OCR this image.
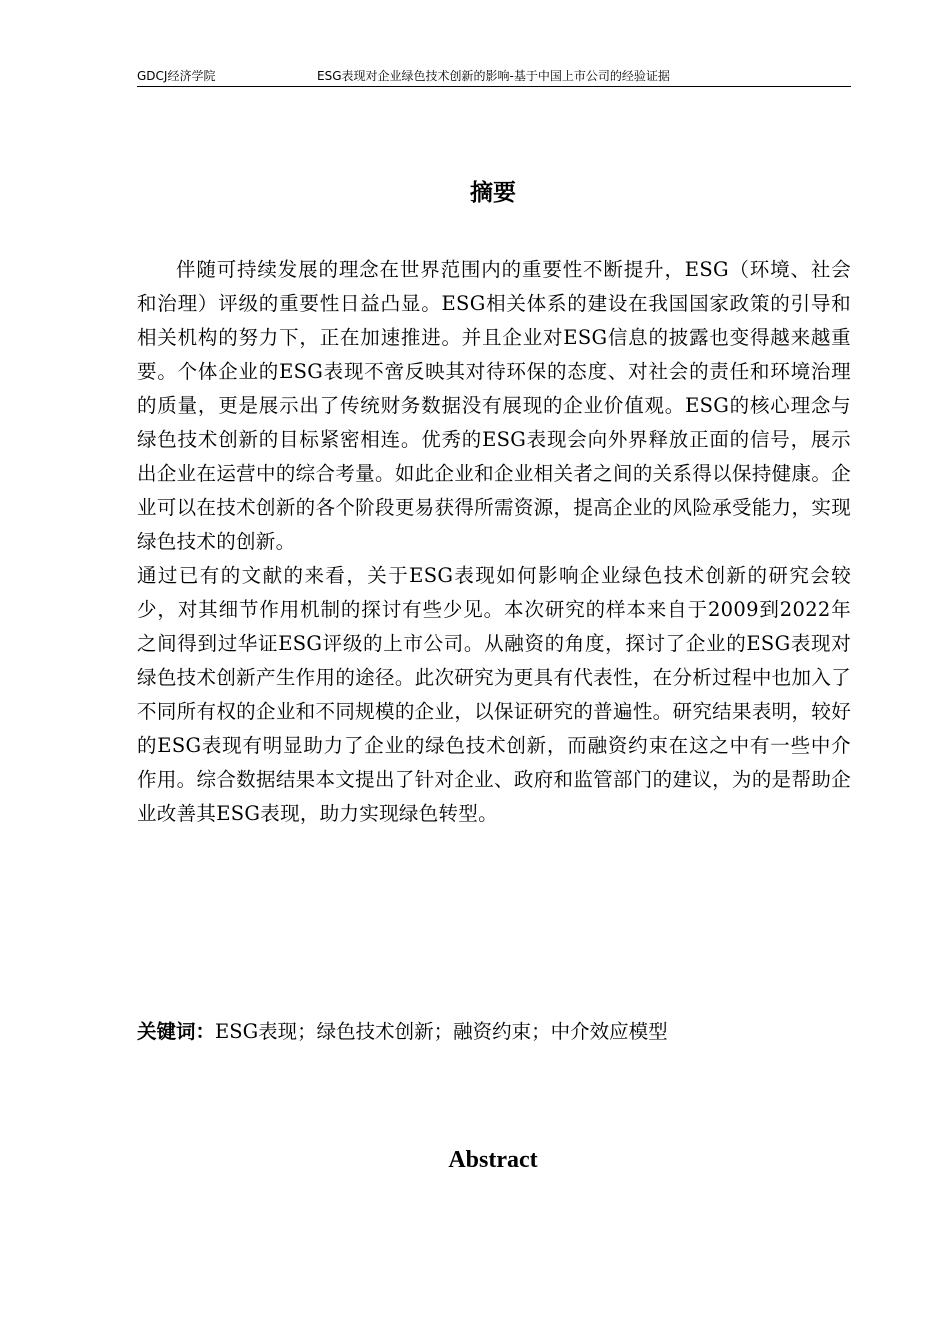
GDCJ经济学院	ESG表现对企业绿色技术创新的影响-基于中国上市公司的经验证据
摘要

伴随可持续发展的理念在世界范围内的重要性不断提升，ESG（环境、社会和治理）评级的重要性日益凸显。ESG相关体系的建设在我国国家政策的引导和相关机构的努力下，正在加速推进。并且企业对ESG信息的披露也变得越来越重要。个体企业的ESG表现不啻反映其对待环保的态度、对社会的责任和环境治理的质量，更是展示出了传统财务数据没有展现的企业价值观。ESG的核心理念与绿色技术创新的目标紧密相连。优秀的ESG表现会向外界释放正面的信号，展示出企业在运营中的综合考量。如此企业和企业相关者之间的关系得以保持健康。企业可以在技术创新的各个阶段更易获得所需资源，提高企业的风险承受能力，实现绿色技术的创新。

通过已有的文献的来看，关于ESG表现如何影响企业绿色技术创新的研究会较少，对其细节作用机制的探讨有些少见。本次研究的样本来自于2009到2022年之间得到过华证ESG评级的上市公司。从融资的角度，探讨了企业的ESG表现对绿色技术创新产生作用的途径。此次研究为更具有代表性，在分析过程中也加入了不同所有权的企业和不同规模的企业，以保证研究的普遍性。研究结果表明，较好的ESG表现有明显助力了企业的绿色技术创新，而融资约束在这之中有一些中介作用。综合数据结果本文提出了针对企业、政府和监管部门的建议，为的是帮助企业改善其ESG表现，助力实现绿色转型。

关键词：ESG表现；绿色技术创新；融资约束；中介效应模型
Abstract
